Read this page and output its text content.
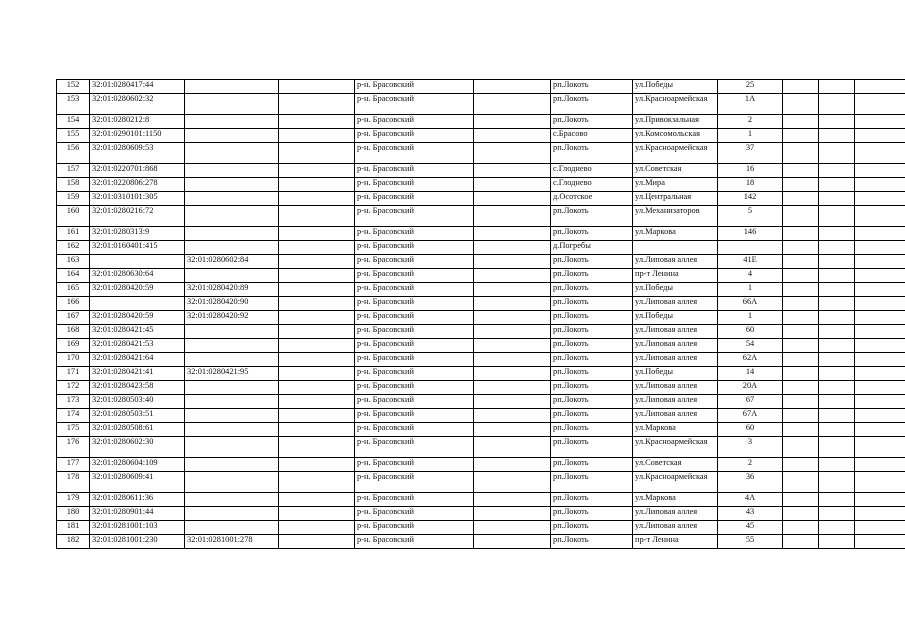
152	32:01:0280417:44			р-н. Брасовский		рп.Локоть	ул.Победы	25				
153	32:01:0280602:32			р-н. Брасовский		рп.Локоть	ул.Красноармейская	1А				
154	32:01:0280212:8			р-н. Брасовский		рп.Локоть	ул.Привокзальная	2				
155	32:01:0290101:1150			р-н. Брасовский		с.Брасово	ул.Комсомольская	1				
156	32:01:0280609:53			р-н. Брасовский		рп.Локоть	ул.Красноармейская	37				
157	32:01:0220701:868			р-н. Брасовский		с.Глоднево	ул.Советская	16				
158	32:01:0220806:278			р-н. Брасовский		с.Глоднево	ул.Мира	18				
159	32:01:0310101:305			р-н. Брасовский		д.Осотское	ул.Центральная	142				
160	32:01:0280216:72			р-н. Брасовский		рп.Локоть	ул.Механизаторов	5				
161	32:01:0280313:9			р-н. Брасовский		рп.Локоть	ул.Маркова	146				
162	32:01:0160401:415			р-н. Брасовский		д.Погребы						
163		32:01:0280602:84		р-н. Брасовский		рп.Локоть	ул.Липовая аллея	41Е				
164	32:01:0280630:64			р-н. Брасовский		рп.Локоть	пр-т Ленина	4				
165	32:01:0280420:59	32:01:0280420:89		р-н. Брасовский		рп.Локоть	ул.Победы	1				
166		32:01:0280420:90		р-н. Брасовский		рп.Локоть	ул.Липовая аллея	66А				
167	32:01:0280420:59	32:01:0280420:92		р-н. Брасовский		рп.Локоть	ул.Победы	1				
168	32:01:0280421:45			р-н. Брасовский		рп.Локоть	ул.Липовая аллея	60				
169	32:01:0280421:53			р-н. Брасовский		рп.Локоть	ул.Липовая аллея	54				
170	32:01:0280421:64			р-н. Брасовский		рп.Локоть	ул.Липовая аллея	62А				
171	32:01:0280421:41	32:01:0280421:95		р-н. Брасовский		рп.Локоть	ул.Победы	14				
172	32:01:0280423:58			р-н. Брасовский		рп.Локоть	ул.Липовая аллея	20А				
173	32:01:0280503:40			р-н. Брасовский		рп.Локоть	ул.Липовая аллея	67				
174	32:01:0280503:51			р-н. Брасовский		рп.Локоть	ул.Липовая аллея	67А				
175	32:01:0280508:61			р-н. Брасовский		рп.Локоть	ул.Маркова	60				
176	32:01:0280602:30			р-н. Брасовский		рп.Локоть	ул.Красноармейская	3				
177	32:01:0280604:109			р-н. Брасовский		рп.Локоть	ул.Советская	2				
178	32:01:0280609:41			р-н. Брасовский		рп.Локоть	ул.Красноармейская	36				
179	32:01:0280611:36			р-н. Брасовский		рп.Локоть	ул.Маркова	4А				
180	32:01:0280901:44			р-н. Брасовский		рп.Локоть	ул.Липовая аллея	43				
181	32:01:0281001:103			р-н. Брасовский		рп.Локоть	ул.Липовая аллея	45				
182	32:01:0281001:230	32:01:0281001:278		р-н. Брасовский		рп.Локоть	пр-т Ленина	55				
